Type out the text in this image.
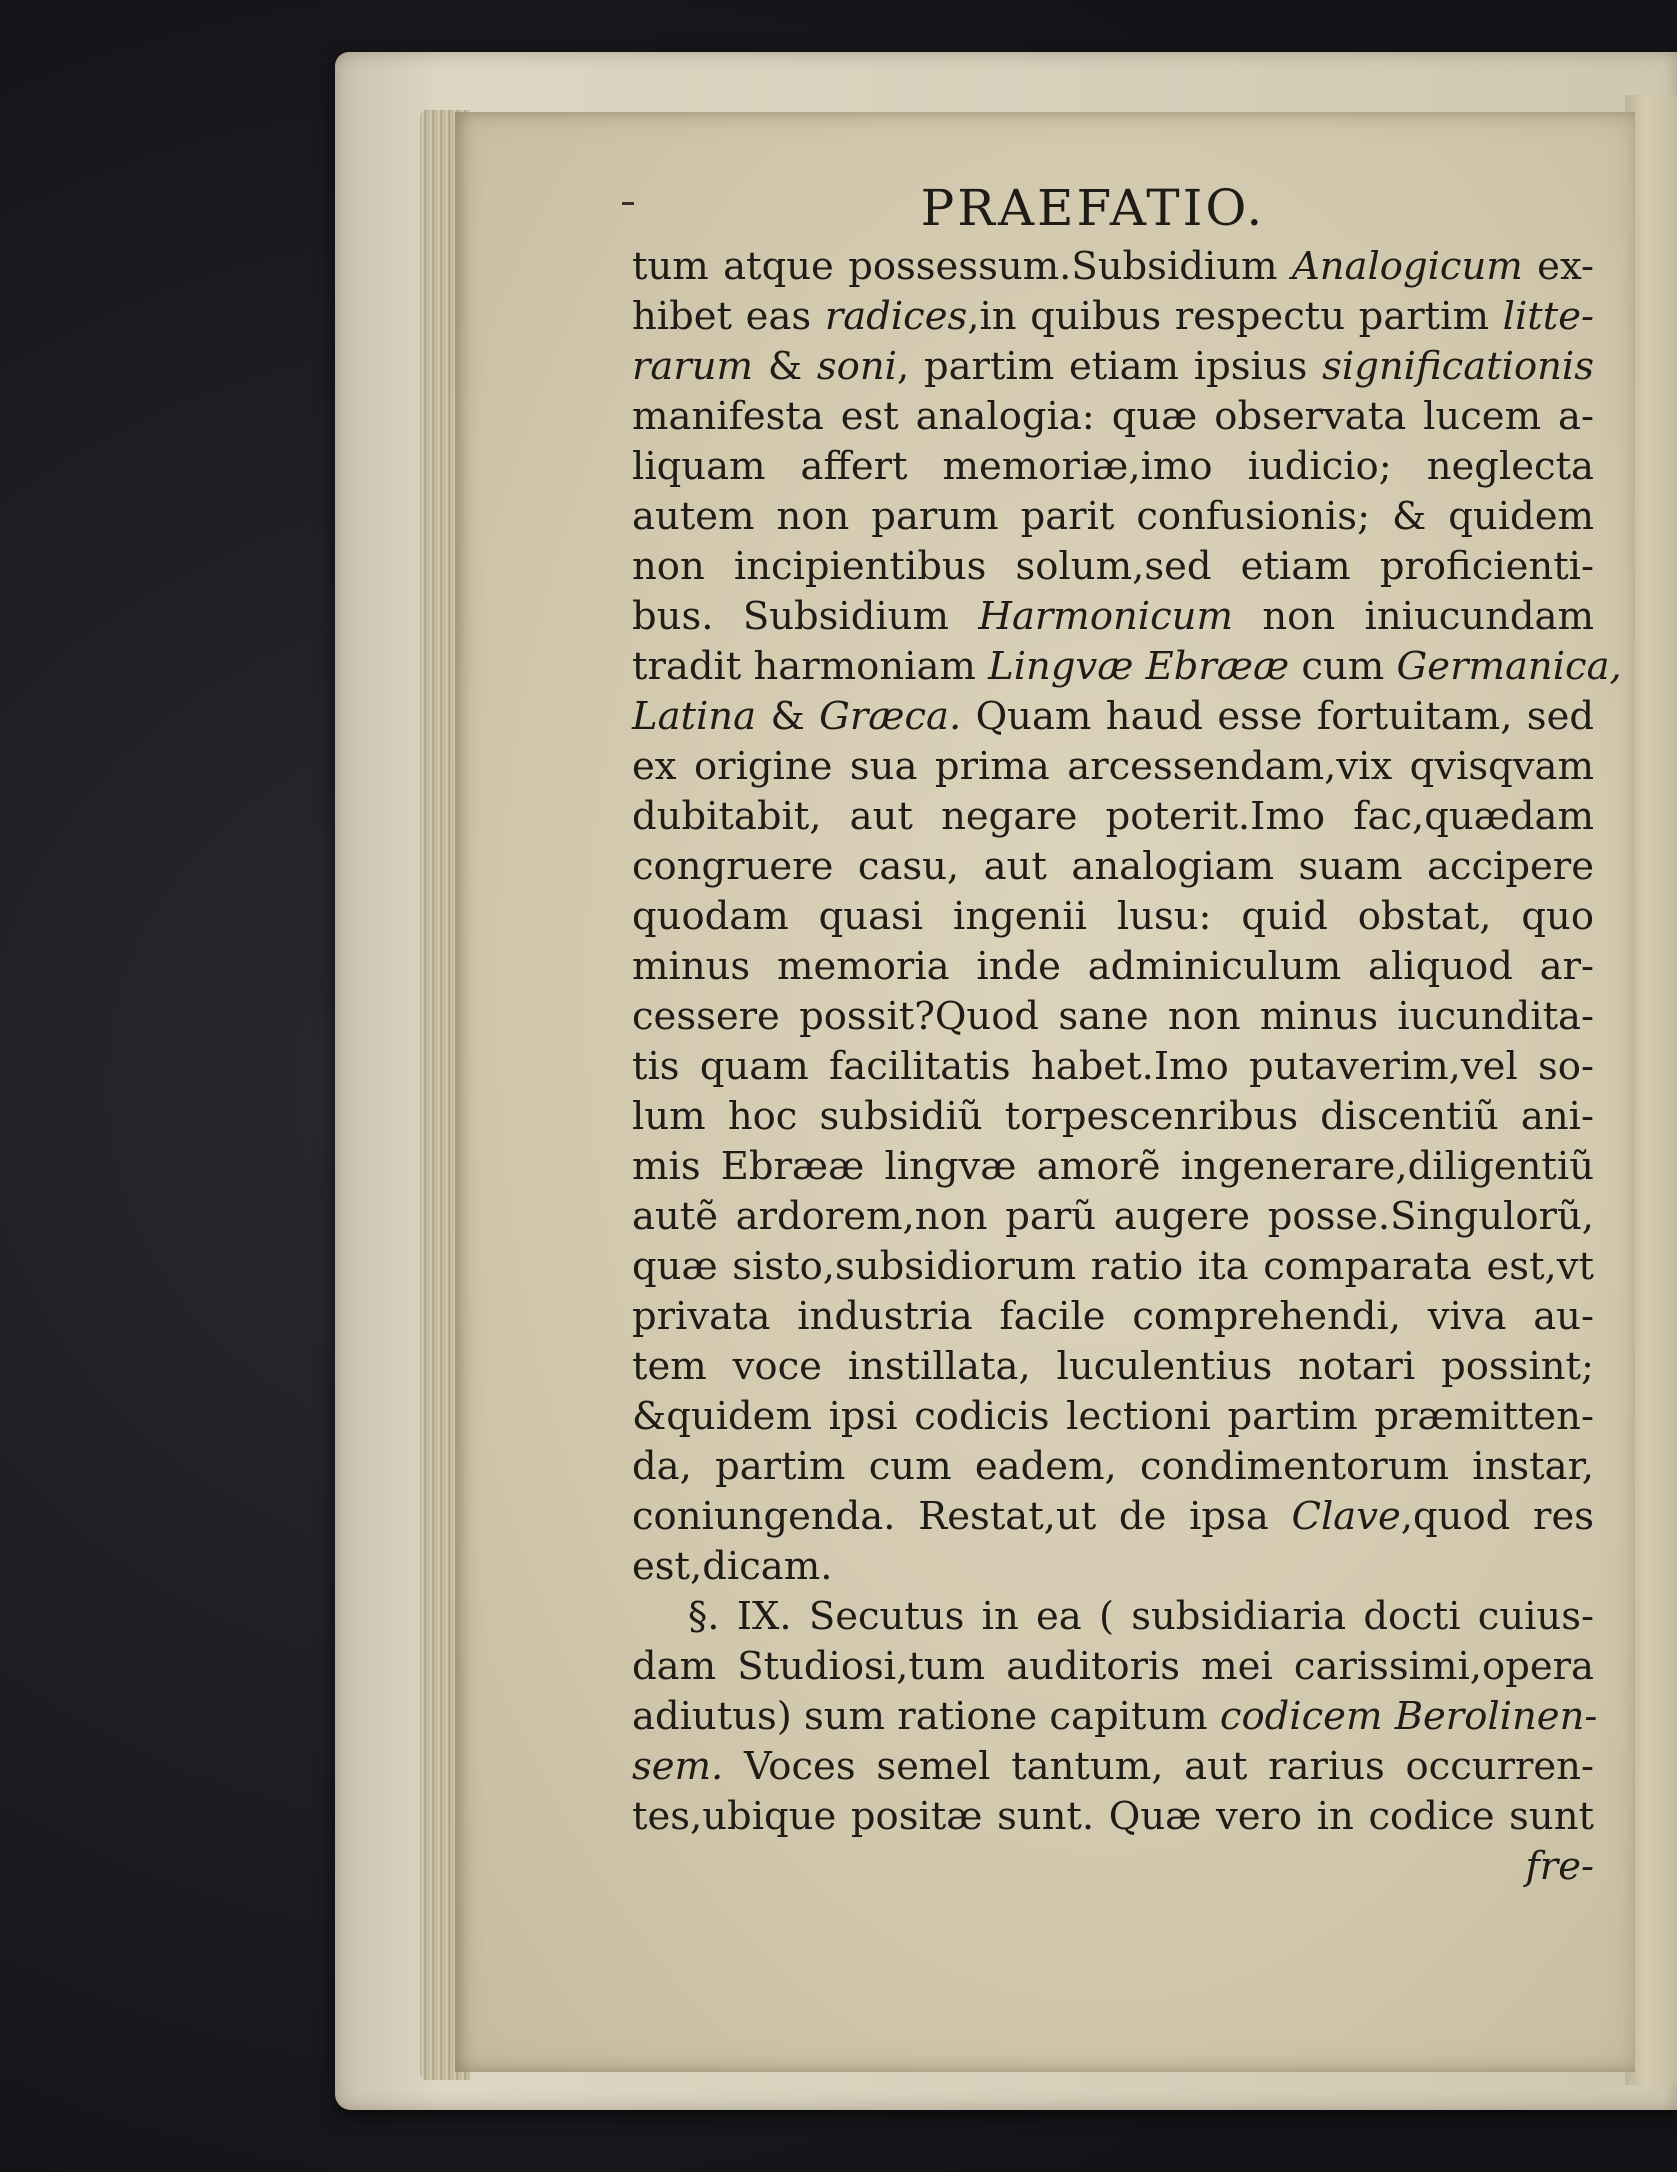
PRAEFATIO.
tum atque possessum.Subsidium Analogicum ex-
hibet eas radices,in quibus respectu partim litte-
rarum & soni, partim etiam ipsius significationis
manifesta est analogia: quæ observata lucem a-
liquam affert memoriæ,imo iudicio; neglecta
autem non parum parit confusionis; & quidem
non incipientibus solum,sed etiam proficienti-
bus. Subsidium Harmonicum non iniucundam
tradit harmoniam Lingvæ Ebrææ cum Germanica,
Latina & Græca. Quam haud esse fortuitam, sed
ex origine sua prima arcessendam,vix qvisqvam
dubitabit, aut negare poterit.Imo fac,quædam
congruere casu, aut analogiam suam accipere
quodam quasi ingenii lusu: quid obstat, quo
minus memoria inde adminiculum aliquod ar-
cessere possit?Quod sane non minus iucundita-
tis quam facilitatis habet.Imo putaverim,vel so-
lum hoc subsidiũ torpescenribus discentiũ ani-
mis Ebrææ lingvæ amorẽ ingenerare,diligentiũ
autẽ ardorem,non parũ augere posse.Singulorũ,
quæ sisto,subsidiorum ratio ita comparata est,vt
privata industria facile comprehendi, viva au-
tem voce instillata, luculentius notari possint;
&quidem ipsi codicis lectioni partim præmitten-
da, partim cum eadem, condimentorum instar,
coniungenda. Restat,ut de ipsa Clave,quod res
est,dicam.
§. IX. Secutus in ea ( subsidiaria docti cuius-
dam Studiosi,tum auditoris mei carissimi,opera
adiutus) sum ratione capitum codicem Berolinen-
sem. Voces semel tantum, aut rarius occurren-
tes,ubique positæ sunt. Quæ vero in codice sunt
fre-
